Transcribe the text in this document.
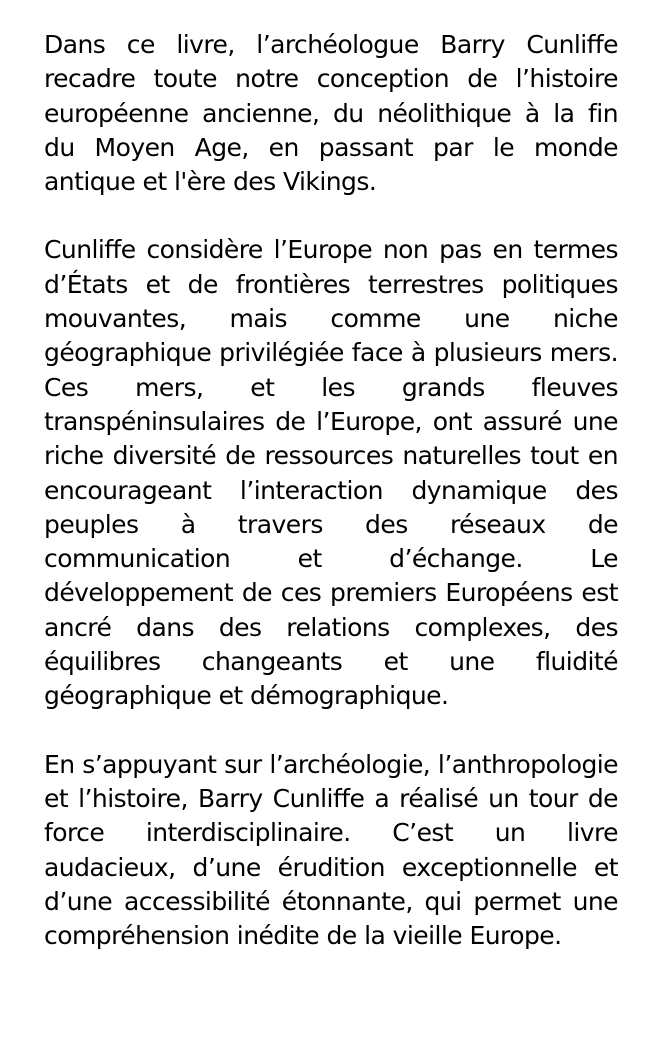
Dans ce livre, l’archéologue Barry Cunliffe recadre toute notre conception de l’histoire européenne ancienne, du néolithique à la fin du Moyen Age, en passant par le monde antique et l'ère des Vikings.

Cunliffe considère l’Europe non pas en termes d’États et de frontières terrestres politiques mouvantes, mais comme une niche géographique privilégiée face à plusieurs mers. Ces mers, et les grands fleuves transpéninsulaires de l’Europe, ont assuré une riche diversité de ressources naturelles tout en encourageant l’interaction dynamique des peuples à travers des réseaux de communication et d’échange. Le développement de ces premiers Européens est ancré dans des relations complexes, des équilibres changeants et une fluidité géographique et démographique.

En s’appuyant sur l’archéologie, l’anthropologie et l’histoire, Barry Cunliffe a réalisé un tour de force interdisciplinaire. C’est un livre audacieux, d’une érudition exceptionnelle et d’une accessibilité étonnante, qui permet une compréhension inédite de la vieille Europe.
